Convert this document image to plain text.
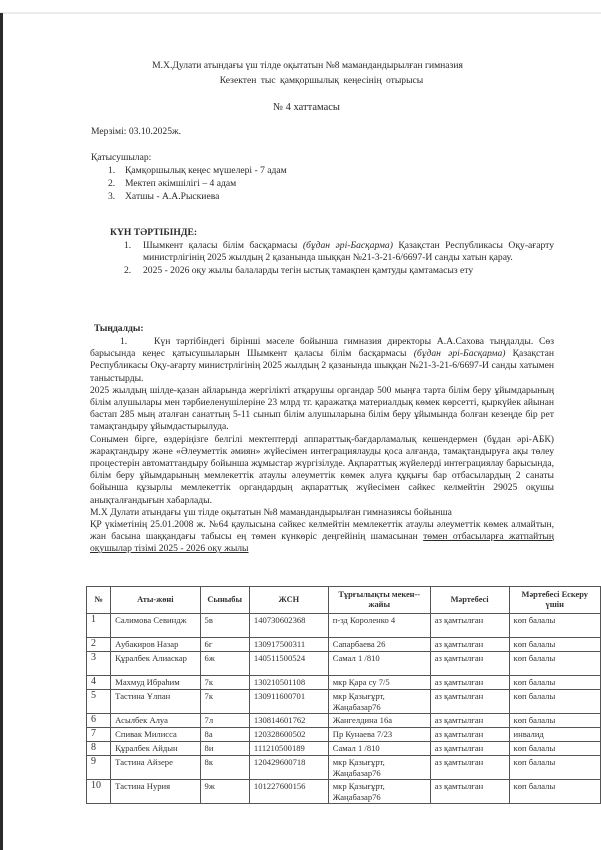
М.Х.Дулати атындағы үш тілде оқытатын №8 мамандандырылған гимназия
Кезектен тыс қамқоршылық кеңесінің отырысы
№ 4 хаттамасы
Мерзімі: 03.10.2025ж.
Қатысушылар:
1. Қамқоршылық кеңес мүшелері - 7 адам
2. Мектеп әкімшілігі – 4 адам
3. Хатшы - А.А.Рыскиева
КҮН ТӘРТІБІНДЕ:
1. Шымкент қаласы білім басқармасы (бұдан әрі-Басқарма) Қазақстан Республикасы Оқу-ағарту министрлігінің 2025 жылдың 2 қазанында шыққан №21-3-21-6/6697-И санды хатын қарау.
2. 2025 - 2026 оқу жылы балаларды тегін ыстық тамақпен қамтуды қамтамасыз ету
Тыңдалды:

1.	Күн тәртібіндегі бірінші мәселе бойынша гимназия директоры А.А.Сахова тыңдалды. Сөз барысында кеңес қатысушыларын Шымкент қаласы білім басқармасы (бұдан әрі-Басқарма) Қазақстан Республикасы Оқу-ағарту министрлігінің 2025 жылдың 2 қазанында шыққан №21-3-21-6/6697-И санды хатымен таныстырды.

2025 жылдың шілде-қазан айларында жергілікті атқарушы органдар 500 мыңға тарта білім беру ұйымдарының білім алушылары мен тәрбиеленушілеріне 23 млрд тг. қаражатқа материалдық көмек көрсетті, қыркүйек айынан бастап 285 мың аталған санаттың 5-11 сынып білім алушыларына білім беру ұйымында болған кезеңде бір рет тамақтандыру ұйымдастырылуда.

Сонымен бірге, өздеріңізге белгілі мектептерді аппараттық-бағдарламалық кешендермен (бұдан әрі-АБК) жарақтандыру және «Әлеуметтік әмиян» жүйесімен интеграциялауды қоса алғанда, тамақтандыруға ақы төлеу процестерін автоматтандыру бойынша жұмыстар жүргізілуде. Ақпараттық жүйелерді интеграциялау барысында, білім беру ұйымдарының мемлекеттік атаулы әлеуметтік көмек алуға құқығы бар отбасылардың 2 санаты бойынша құзырлы мемлекеттік органдардың ақпараттық жүйесімен сәйкес келмейтін 29025 оқушы анықталғандығын хабарлады.

М.Х Дулати атындағы үш тілде оқытатын №8 мамандандырылған гимназиясы бойынша

ҚР үкіметінің 25.01.2008 ж. №64 қаулысына сәйкес келмейтін мемлекеттік атаулы әлеуметтік көмек алмайтын, жан басына шаққандағы табысы ең төмен күнкөріс деңгейінің шамасынан төмен отбасыларға жатпайтың оқушылар тізімі 2025 - 2026 оқу жылы

№	Аты-жөні	Сыныбы	ЖСН	Тұрғылықты мекен-- жайы	Мәртебесі	Мәртебесі Ескеру үшін
1	Салимова Севиндж	5в	140730602368	п-зд Короленко 4	аз қамтылған	көп балалы
2	Аубакиров Назар	6г	130917500311	Сапарбаева 26	аз қамтылған	көп балалы
3	Құралбек Алиаскар	6ж	140511500524	Самал 1 /810	аз қамтылған	көп балалы
4	Махмуд Ибраһим	7к	130210501108	мкр Қара су 7/5	аз қамтылған	көп балалы
5	Тастина Ұлпан	7к	130911600701	мкр Қазығұрт, Жаңабазар76	аз қамтылған	көп балалы
6	Асылбек Алуа	7л	130814601762	Жангелдина 16а	аз қамтылған	көп балалы
7	Спивак Милисса	8а	120328600502	Пр Кунаева 7/23	аз қамтылған	инвалид
8	Құралбек Айдын	8и	111210500189	Самал 1 /810	аз қамтылған	көп балалы
9	Тастина Айзере	8к	120429600718	мкр Қазығұрт, Жаңабазар76	аз қамтылған	көп балалы
10	Тастина Нурия	9ж	101227600156	мкр Қазығұрт, Жаңабазар76	аз қамтылған	көп балалы
